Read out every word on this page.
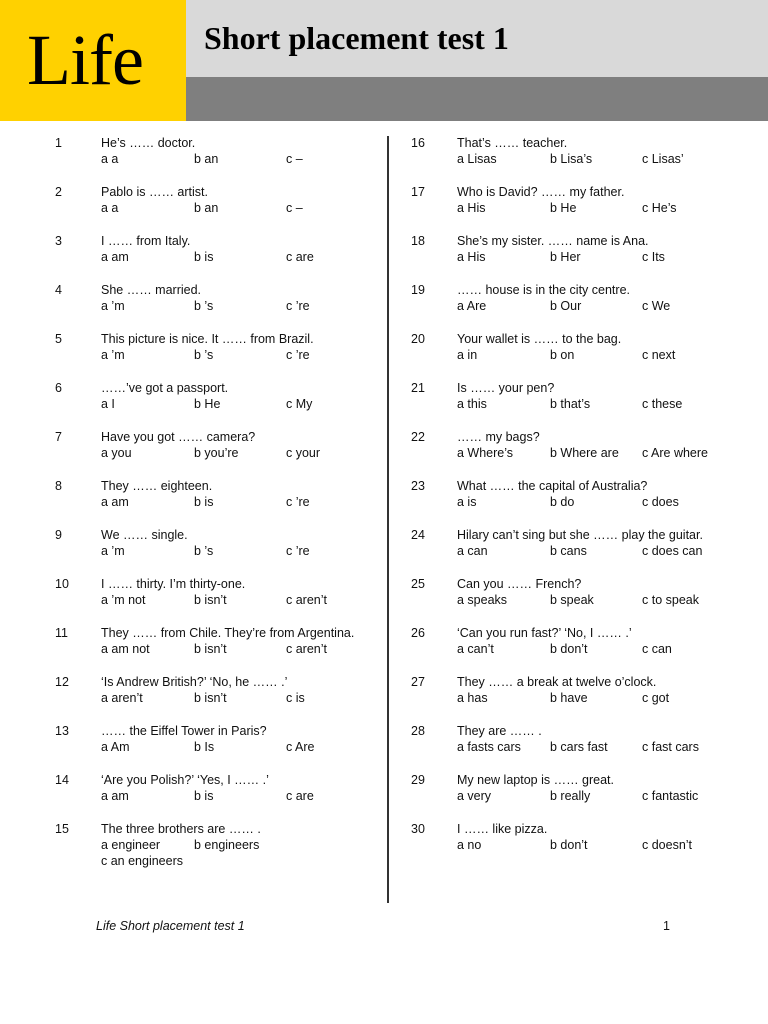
Life Short placement test 1
1	He’s …… doctor.
a a	b an	c –
2	Pablo is …… artist.
a a	b an	c –
3	I …… from Italy.
a am	b is	c are
4	She …… married.
a ’m	b ’s	c ’re
5	This picture is nice. It …… from Brazil.
a ’m	b ’s	c ’re
6	……’ve got a passport.
a I	b He	c My
7	Have you got …… camera?
a you	b you’re	c your
8	They …… eighteen.
a am	b is	c ’re
9	We …… single.
a ’m	b ’s	c ’re
10	I …… thirty. I’m thirty-one.
a ’m not	b isn’t	c aren’t
11	They …… from Chile. They’re from Argentina.
a am not	b isn’t	c aren’t
12	‘Is Andrew British?’ ‘No, he …… .’
a aren’t	b isn’t	c is
13	…… the Eiffel Tower in Paris?
a Am	b Is	c Are
14	‘Are you Polish?’ ‘Yes, I …… .’
a am	b is	c are
15	The three brothers are …… .
a engineer	b engineers
c an engineers
16	That’s …… teacher.
a Lisas	b Lisa’s	c Lisas’
17	Who is David? …… my father.
a His	b He	c He’s
18	She’s my sister. …… name is Ana.
a His	b Her	c Its
19	…… house is in the city centre.
a Are	b Our	c We
20	Your wallet is …… to the bag.
a in	b on	c next
21	Is …… your pen?
a this	b that’s	c these
22	…… my bags?
a Where’s	b Where are c Are where
23	What …… the capital of Australia?
a is	b do	c does
24	Hilary can’t sing but she …… play the guitar.
a can	b cans	c does can
25	Can you …… French?
a speaks	b speak	c to speak
26	‘Can you run fast?’ ‘No, I …… .’
a can’t	b don’t	c can
27	They …… a break at twelve o’clock.
a has	b have	c got
28	They are …… .
a fasts cars b cars fast	c fast cars
29	My new laptop is …… great.
a very	b really	c fantastic
30	I …… like pizza.
a no	b don’t	c doesn’t
Life Short placement test 1	1
